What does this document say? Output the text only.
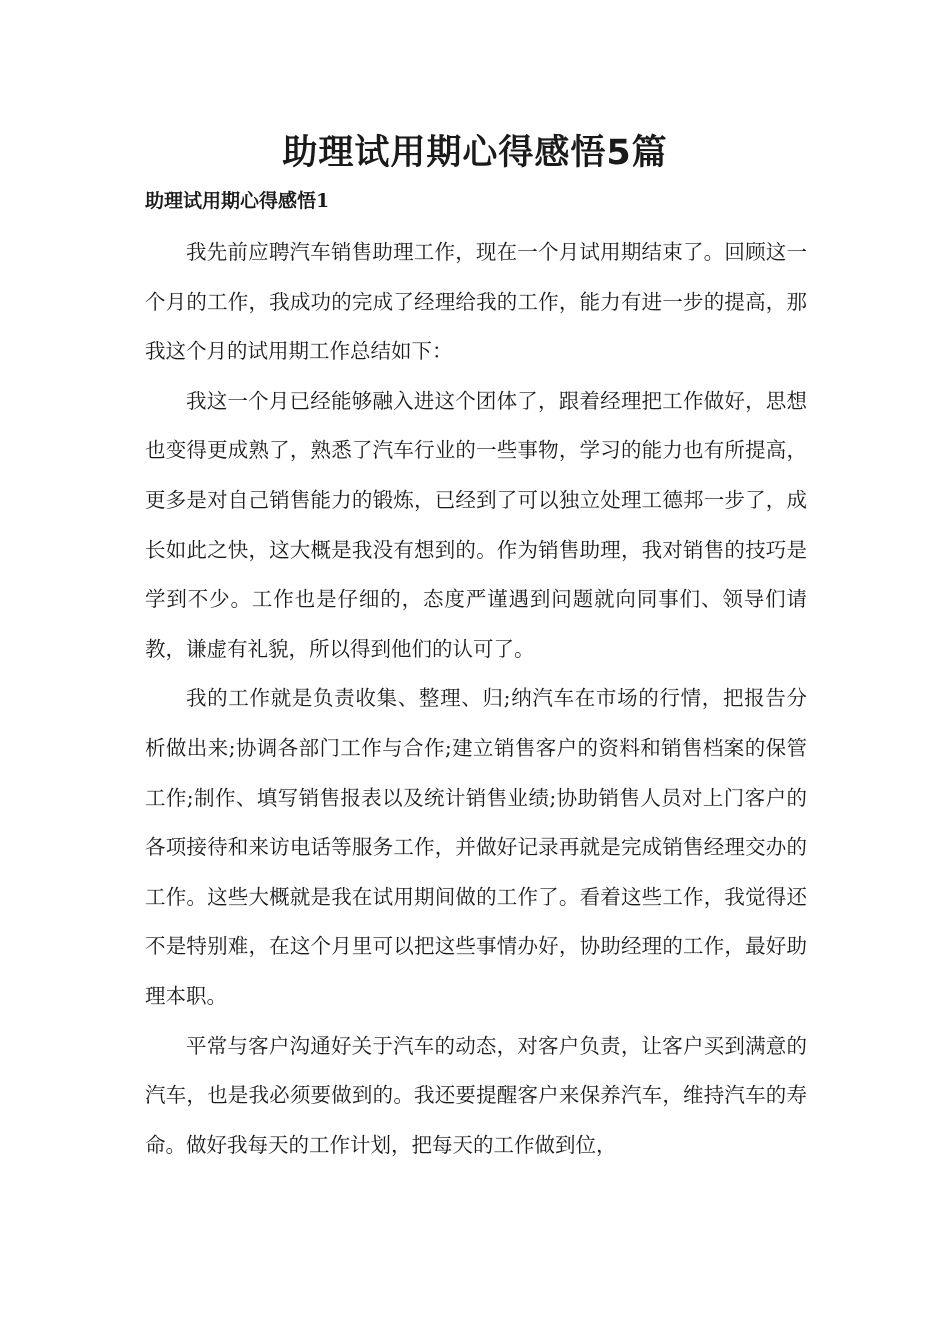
助理试用期心得感悟5篇
助理试用期心得感悟1

我先前应聘汽车销售助理工作，现在一个月试用期结束了。回顾这一个月的工作，我成功的完成了经理给我的工作，能力有进一步的提高，那我这个月的试用期工作总结如下：

我这一个月已经能够融入进这个团体了，跟着经理把工作做好，思想也变得更成熟了，熟悉了汽车行业的一些事物，学习的能力也有所提高，更多是对自己销售能力的锻炼，已经到了可以独立处理工德邦一步了，成长如此之快，这大概是我没有想到的。作为销售助理，我对销售的技巧是学到不少。工作也是仔细的，态度严谨遇到问题就向同事们、领导们请教，谦虚有礼貌，所以得到他们的认可了。

我的工作就是负责收集、整理、归;纳汽车在市场的行情，把报告分析做出来;协调各部门工作与合作;建立销售客户的资料和销售档案的保管工作;制作、填写销售报表以及统计销售业绩;协助销售人员对上门客户的各项接待和来访电话等服务工作，并做好记录再就是完成销售经理交办的工作。这些大概就是我在试用期间做的工作了。看着这些工作，我觉得还不是特别难，在这个月里可以把这些事情办好，协助经理的工作，最好助理本职。

平常与客户沟通好关于汽车的动态，对客户负责，让客户买到满意的汽车，也是我必须要做到的。我还要提醒客户来保养汽车，维持汽车的寿命。做好我每天的工作计划，把每天的工作做到位，
